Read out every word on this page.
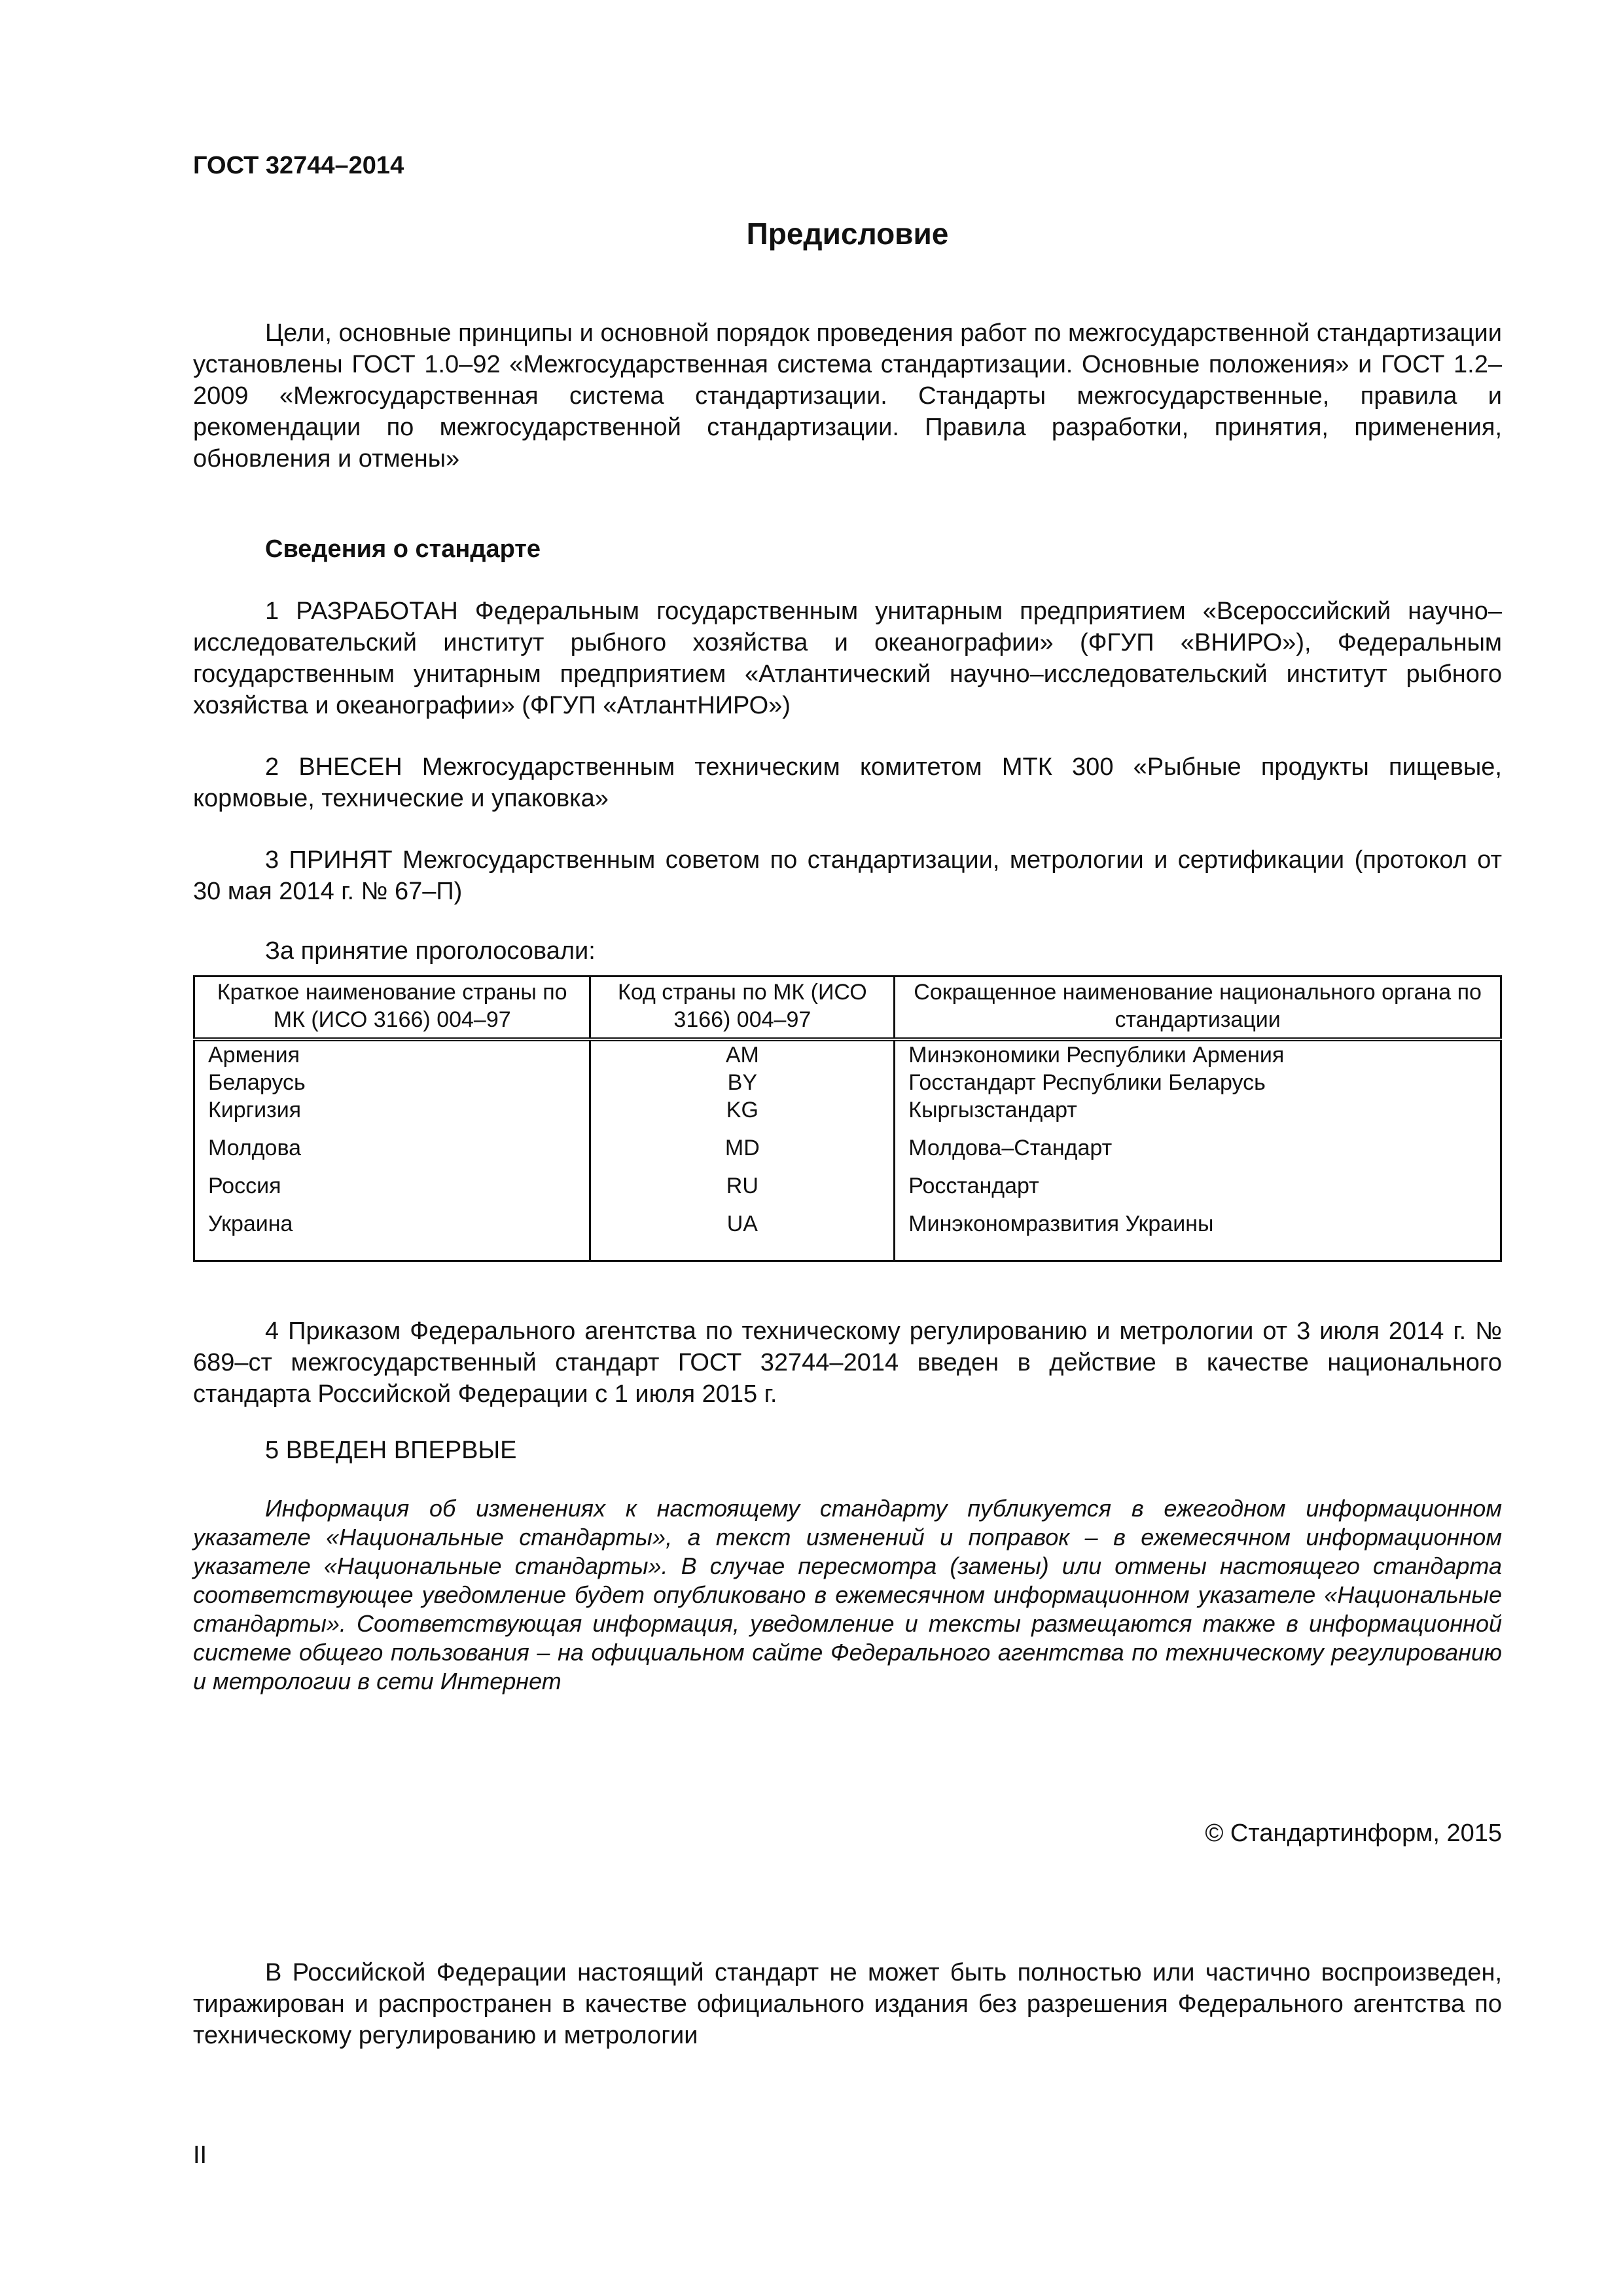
ГОСТ 32744–2014
Предисловие
Цели, основные принципы и основной порядок проведения работ по межгосударственной стандартизации установлены ГОСТ 1.0–92 «Межгосударственная система стандартизации. Основные положения» и ГОСТ 1.2–2009 «Межгосударственная система стандартизации. Стандарты межгосударственные, правила и рекомендации по межгосударственной стандартизации. Правила разработки, принятия, применения, обновления и отмены»
Сведения о стандарте
1 РАЗРАБОТАН Федеральным государственным унитарным предприятием «Всероссийский научно–исследовательский институт рыбного хозяйства и океанографии» (ФГУП «ВНИРО»), Федеральным государственным унитарным предприятием «Атлантический научно–исследовательский институт рыбного хозяйства и океанографии» (ФГУП «АтлантНИРО»)
2 ВНЕСЕН Межгосударственным техническим комитетом МТК 300 «Рыбные продукты пищевые, кормовые, технические и упаковка»
3 ПРИНЯТ Межгосударственным советом по стандартизации, метрологии и сертификации (протокол от 30 мая 2014 г. № 67–П)
За принятие проголосовали:
Краткое наименование страны по МК (ИСО 3166) 004–97	Код страны по МК (ИСО 3166) 004–97	Сокращенное наименование национального органа по стандартизации
Армения	AM	Минэкономики Республики Армения
Беларусь	BY	Госстандарт Республики Беларусь
Киргизия	KG	Кыргызстандарт
Молдова	MD	Молдова–Стандарт
Россия	RU	Росстандарт
Украина	UA	Минэкономразвития Украины
4 Приказом Федерального агентства по техническому регулированию и метрологии от 3 июля 2014 г. № 689–ст межгосударственный стандарт ГОСТ 32744–2014 введен в действие в качестве национального стандарта Российской Федерации с 1 июля 2015 г.
5 ВВЕДЕН ВПЕРВЫЕ
Информация об изменениях к настоящему стандарту публикуется в ежегодном информационном указателе «Национальные стандарты», а текст изменений и поправок – в ежемесячном информационном указателе «Национальные стандарты». В случае пересмотра (замены) или отмены настоящего стандарта соответствующее уведомление будет опубликовано в ежемесячном информационном указателе «Национальные стандарты». Соответствующая информация, уведомление и тексты размещаются также в информационной системе общего пользования – на официальном сайте Федерального агентства по техническому регулированию и метрологии в сети Интернет
© Стандартинформ, 2015
В Российской Федерации настоящий стандарт не может быть полностью или частично воспроизведен, тиражирован и распространен в качестве официального издания без разрешения Федерального агентства по техническому регулированию и метрологии
II
